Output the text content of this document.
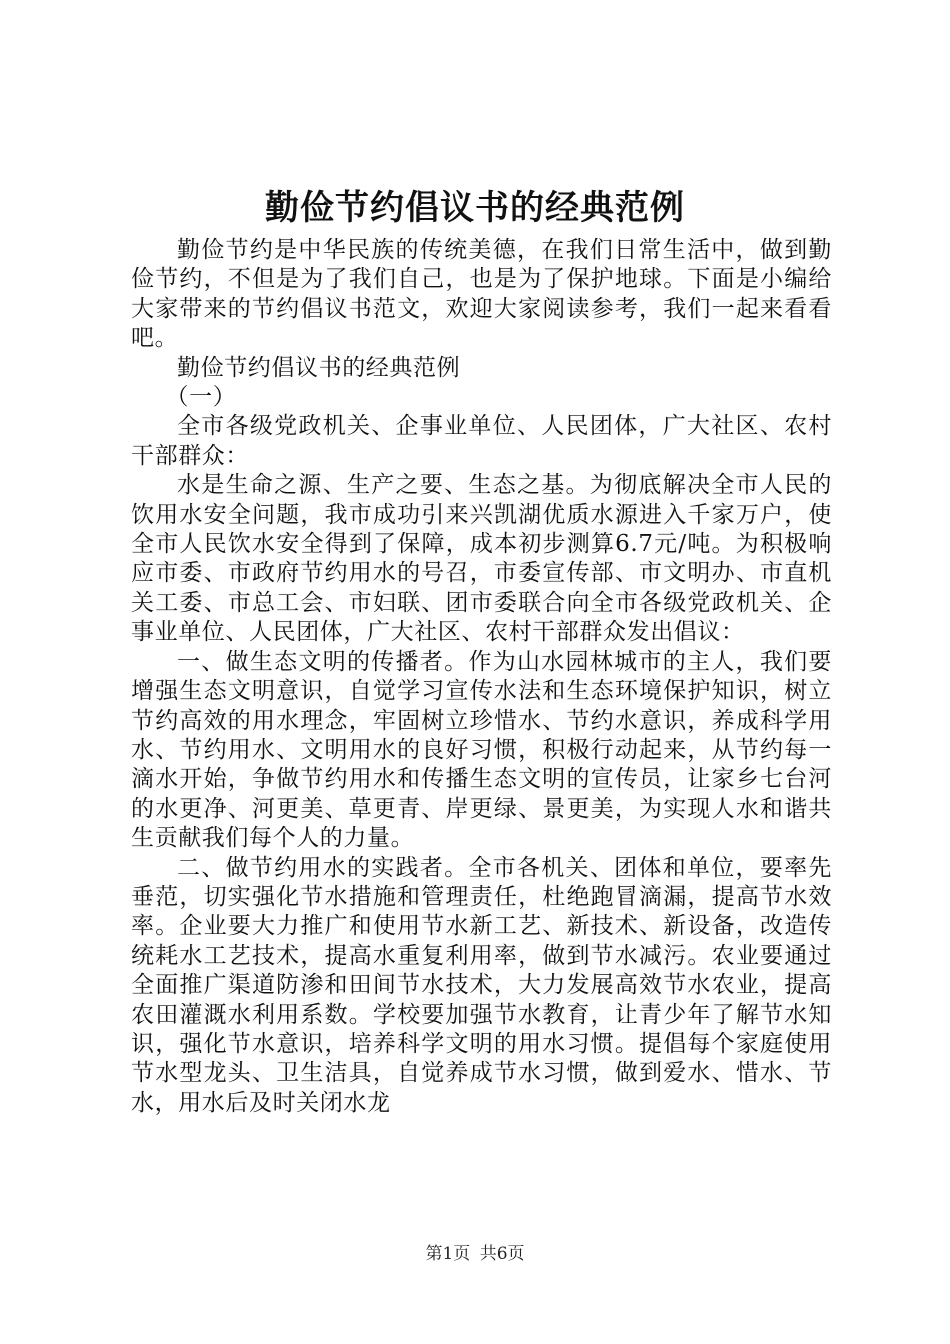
勤俭节约倡议书的经典范例

勤俭节约是中华民族的传统美德，在我们日常生活中，做到勤俭节约，不但是为了我们自己，也是为了保护地球。下面是小编给大家带来的节约倡议书范文，欢迎大家阅读参考，我们一起来看看吧。

勤俭节约倡议书的经典范例

（一）

全市各级党政机关、企事业单位、人民团体，广大社区、农村干部群众：

水是生命之源、生产之要、生态之基。为彻底解决全市人民的饮用水安全问题，我市成功引来兴凯湖优质水源进入千家万户，使全市人民饮水安全得到了保障，成本初步测算6.7元/吨。为积极响应市委、市政府节约用水的号召，市委宣传部、市文明办、市直机关工委、市总工会、市妇联、团市委联合向全市各级党政机关、企事业单位、人民团体，广大社区、农村干部群众发出倡议：

一、做生态文明的传播者。作为山水园林城市的主人，我们要增强生态文明意识，自觉学习宣传水法和生态环境保护知识，树立节约高效的用水理念，牢固树立珍惜水、节约水意识，养成科学用水、节约用水、文明用水的良好习惯，积极行动起来，从节约每一滴水开始，争做节约用水和传播生态文明的宣传员，让家乡七台河的水更净、河更美、草更青、岸更绿、景更美，为实现人水和谐共生贡献我们每个人的力量。

二、做节约用水的实践者。全市各机关、团体和单位，要率先垂范，切实强化节水措施和管理责任，杜绝跑冒滴漏，提高节水效率。企业要大力推广和使用节水新工艺、新技术、新设备，改造传统耗水工艺技术，提高水重复利用率，做到节水减污。农业要通过全面推广渠道防渗和田间节水技术，大力发展高效节水农业，提高农田灌溉水利用系数。学校要加强节水教育，让青少年了解节水知识，强化节水意识，培养科学文明的用水习惯。提倡每个家庭使用节水型龙头、卫生洁具，自觉养成节水习惯，做到爱水、惜水、节水，用水后及时关闭水龙

第1页 共6页
